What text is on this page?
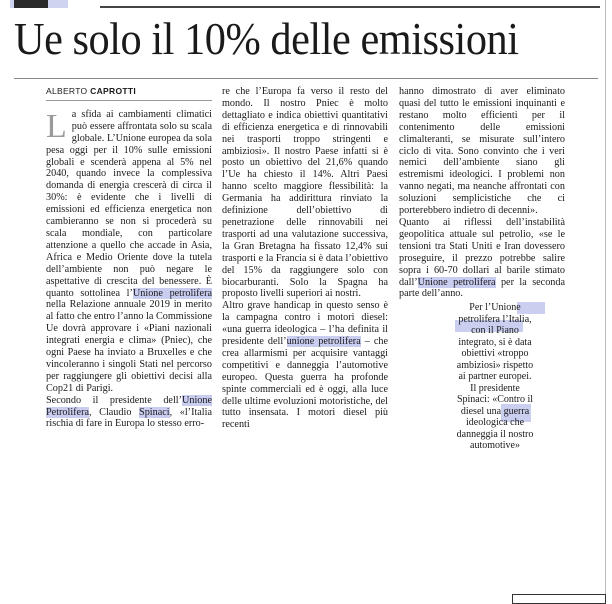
Ue solo il 10% delle emissioni
ALBERTO CAPROTTI

La sfida ai cambiamenti climatici può essere affrontata solo su scala globale. L’Unione europea da sola pesa oggi per il 10% sulle emissioni globali e scenderà appena al 5% nel 2040, quando invece la complessiva domanda di energia crescerà di circa il 30%: è evidente che i livelli di emissioni ed efficienza energetica non cambieranno se non si procederà su scala mondiale, con particolare attenzione a quello che accade in Asia, Africa e Medio Oriente dove la tutela dell’ambiente non può negare le aspettative di crescita del benessere. È quanto sottolinea l’Unione petrolifera nella Relazione annuale 2019 in merito al fatto che entro l’anno la Commissione Ue dovrà approvare i «Piani nazionali integrati energia e clima» (Pniec), che ogni Paese ha inviato a Bruxelles e che vincoleranno i singoli Stati nel percorso per raggiungere gli obiettivi decisi alla Cop21 di Parigi.

Secondo il presidente dell’Unione Petrolifera, Claudio Spinaci, «l’Italia rischia di fare in Europa lo stesso erro-

re che l’Europa fa verso il resto del mondo. Il nostro Pniec è molto dettagliato e indica obiettivi quantitativi di efficienza energetica e di rinnovabili nei trasporti troppo stringenti e ambiziosi». Il nostro Paese infatti si è posto un obiettivo del 21,6% quando l’Ue ha chiesto il 14%. Altri Paesi hanno scelto maggiore flessibilità: la Germania ha addirittura rinviato la definizione dell’obiettivo di penetrazione delle rinnovabili nei trasporti ad una valutazione successiva, la Gran Bretagna ha fissato 12,4% sui trasporti e la Francia si è data l’obiettivo del 15% da raggiungere solo con biocarburanti. Solo la Spagna ha proposto livelli superiori ai nostri.

Altro grave handicap in questo senso è la campagna contro i motori diesel: «una guerra ideologica – l’ha definita il presidente dell’unione petrolifera – che crea allarmismi per acquisire vantaggi competitivi e danneggia l’automotive europeo. Questa guerra ha profonde spinte commerciali ed è oggi, alla luce delle ultime evoluzioni motoristiche, del tutto insensata. I motori diesel più recenti

hanno dimostrato di aver eliminato quasi del tutto le emissioni inquinanti e restano molto efficienti per il contenimento delle emissioni climalteranti, se misurate sull’intero ciclo di vita. Sono convinto che i veri nemici dell’ambiente siano gli estremismi ideologici. I problemi non vanno negati, ma neanche affrontati con soluzioni semplicistiche che ci porterebbero indietro di decenni».

Quanto ai riflessi dell’instabilità geopolitica attuale sul petrolio, «se le tensioni tra Stati Uniti e Iran dovessero proseguire, il prezzo potrebbe salire sopra i 60-70 dollari al barile stimato dall’Unione petrolifera per la seconda parte dell’anno.

Per l’Unione petrolifera l’Italia, con il Piano integrato, si è data obiettivi «troppo ambiziosi» rispetto ai partner europei. Il presidente Spinaci: «Contro il diesel una guerra ideologica che danneggia il nostro automotive»
